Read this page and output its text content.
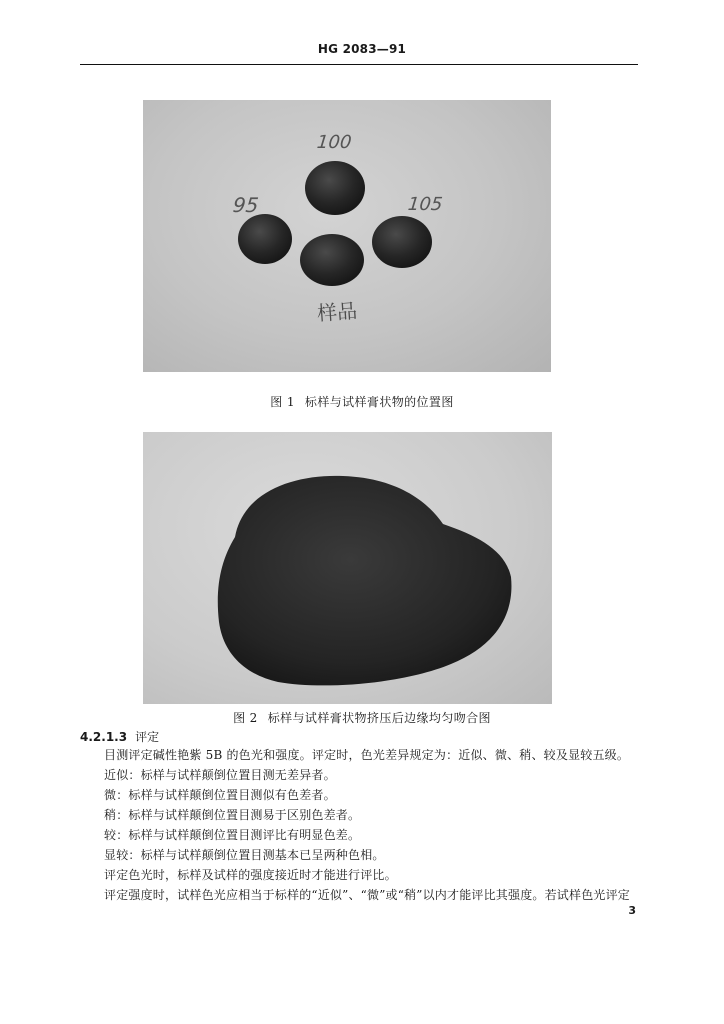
HG 2083—91
100
95	105
样品
图 1 标样与试样膏状物的位置图
图 2 标样与试样膏状物挤压后边缘均匀吻合图
4.2.1.3 评定
目测评定碱性艳紫 5B 的色光和强度。评定时，色光差异规定为：近似、微、稍、较及显较五级。
近似：标样与试样颠倒位置目测无差异者。
微：标样与试样颠倒位置目测似有色差者。
稍：标样与试样颠倒位置目测易于区别色差者。
较：标样与试样颠倒位置目测评比有明显色差。
显较：标样与试样颠倒位置目测基本已呈两种色相。
评定色光时，标样及试样的强度接近时才能进行评比。
评定强度时，试样色光应相当于标样的“近似”、“微”或“稍”以内才能评比其强度。若试样色光评定
3
